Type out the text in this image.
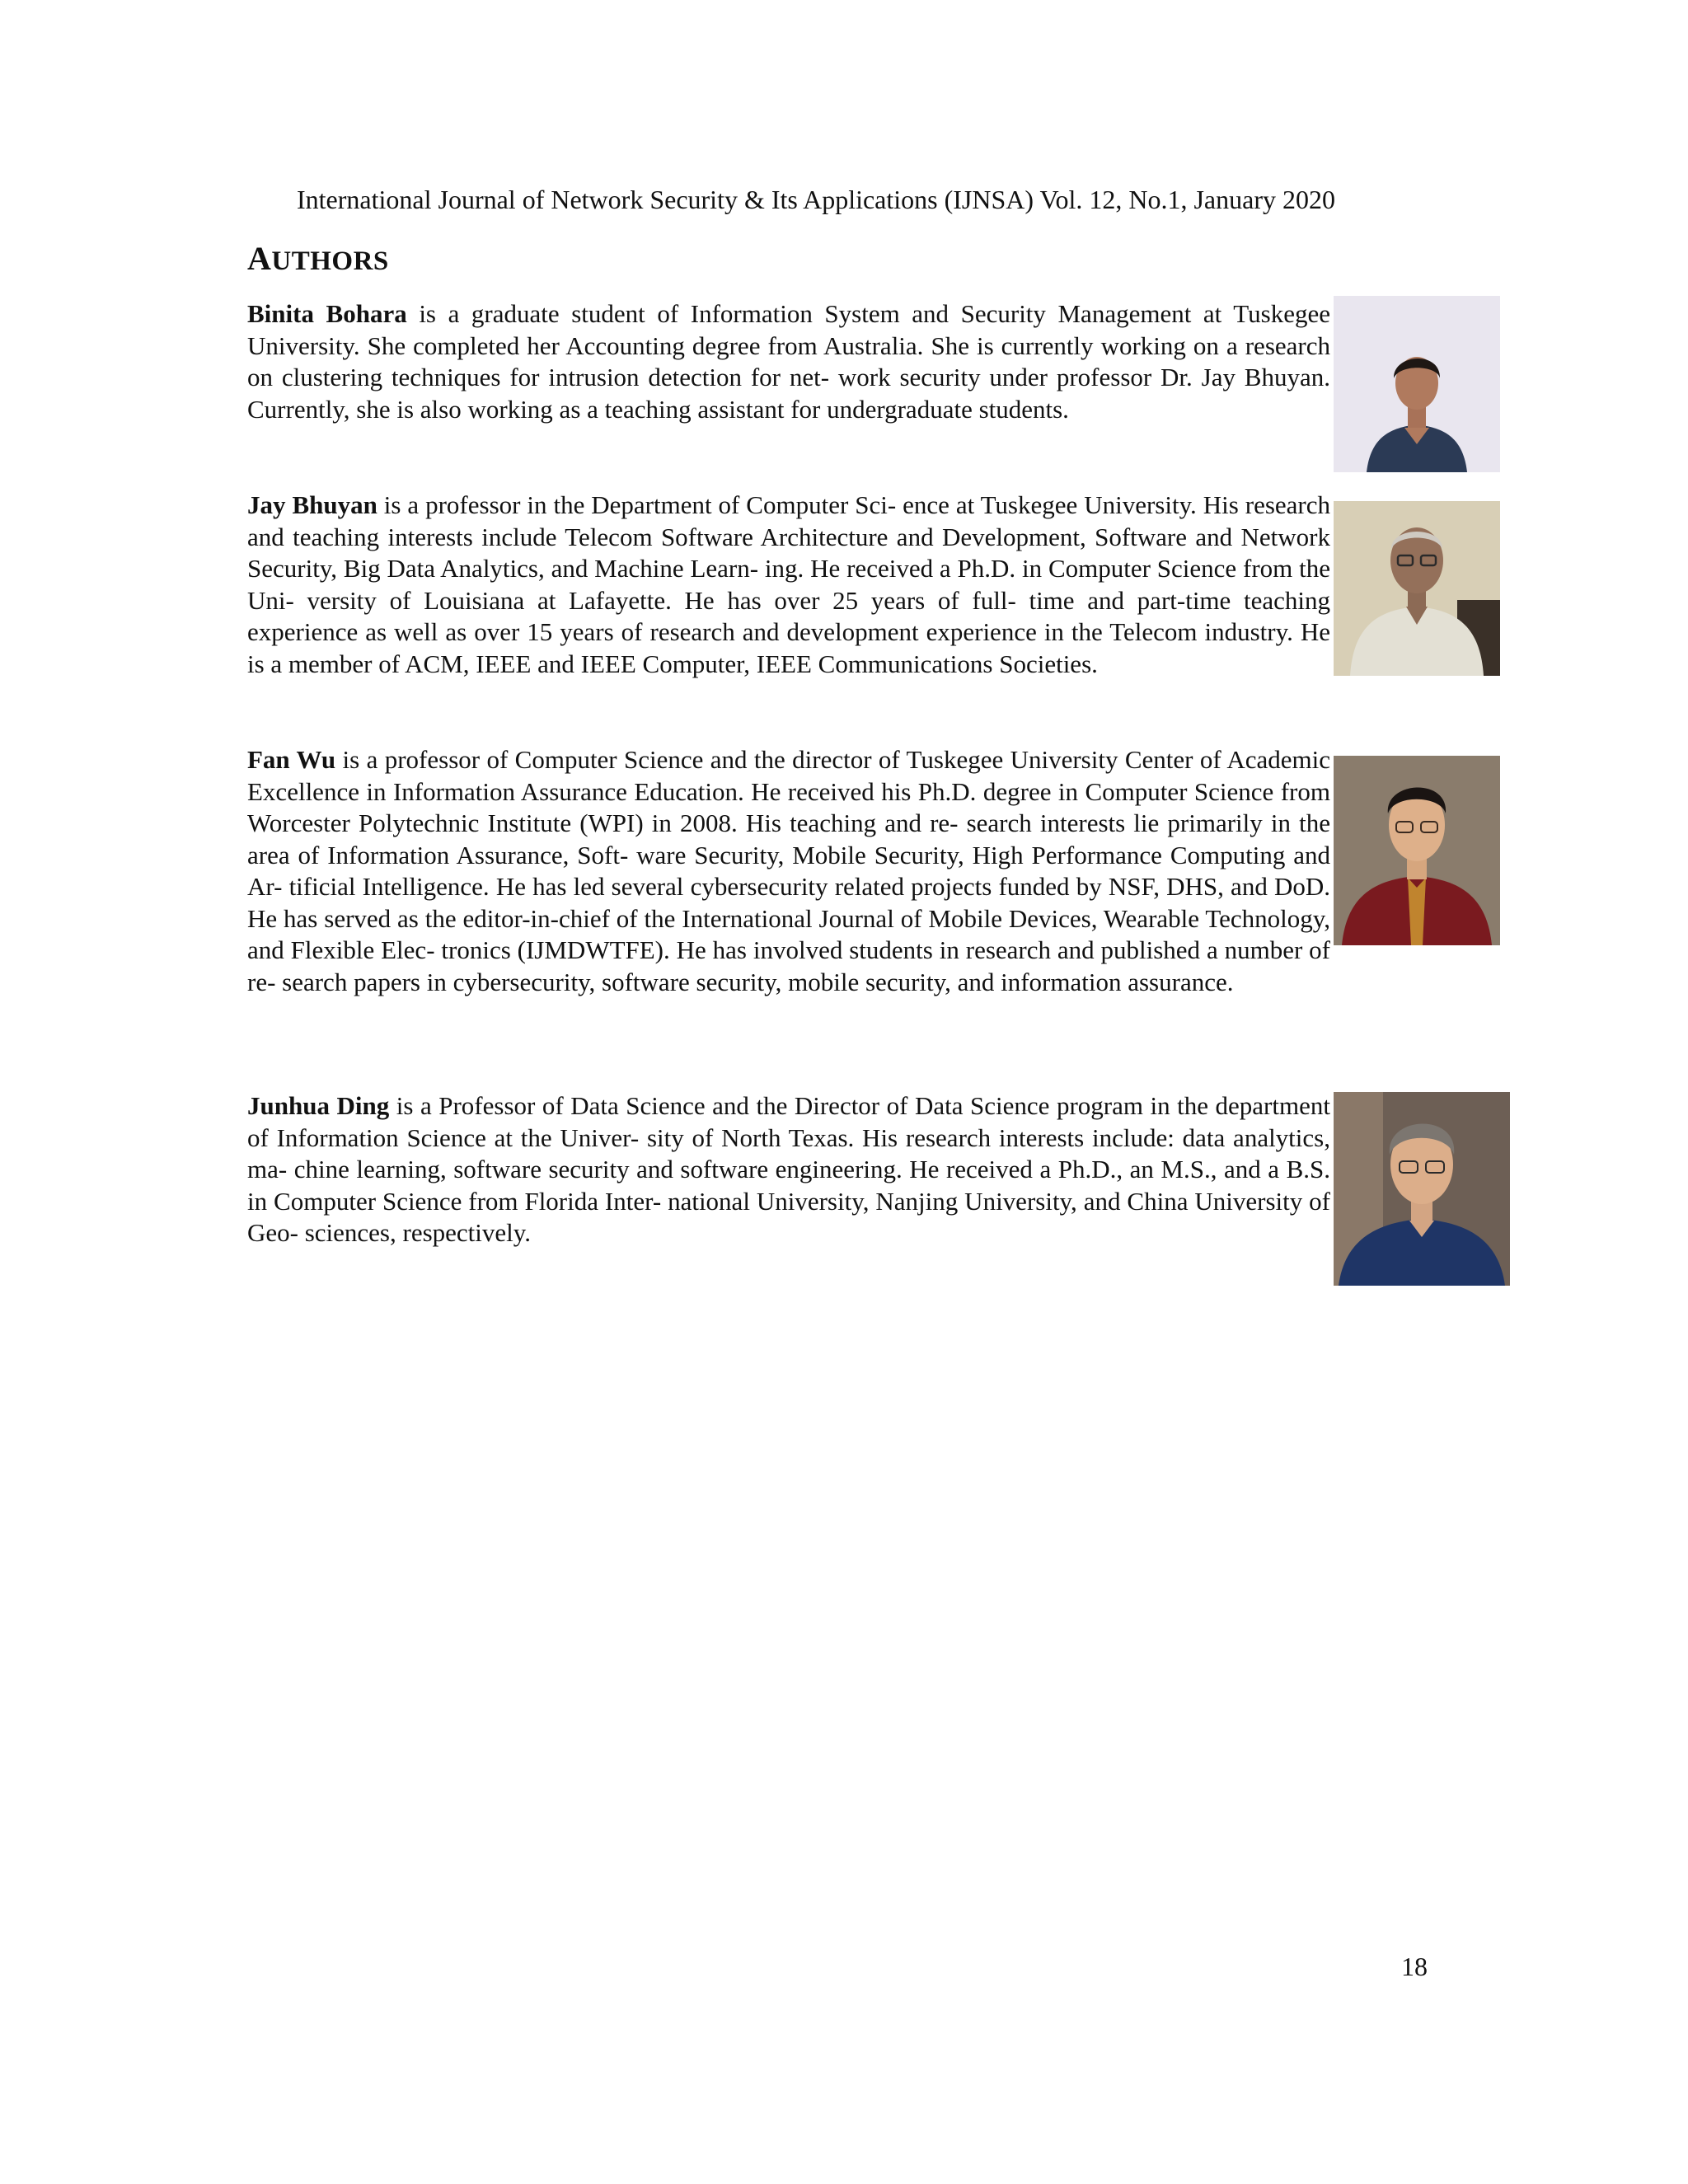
International Journal of Network Security & Its Applications (IJNSA) Vol. 12, No.1, January 2020
AUTHORS
Binita Bohara is a graduate student of Information System and Security Management at Tuskegee University. She completed her Accounting degree from Australia. She is currently working on a research on clustering techniques for intrusion detection for net- work security under professor Dr. Jay Bhuyan. Currently, she is also working as a teaching assistant for undergraduate students.
Jay Bhuyan is a professor in the Department of Computer Sci- ence at Tuskegee University. His research and teaching interests include Telecom Software Architecture and Development, Software and Network Security, Big Data Analytics, and Machine Learn- ing. He received a Ph.D. in Computer Science from the Uni- versity of Louisiana at Lafayette. He has over 25 years of full- time and part-time teaching experience as well as over 15 years of research and development experience in the Telecom industry. He is a member of ACM, IEEE and IEEE Computer, IEEE Communications Societies.
Fan Wu is a professor of Computer Science and the director of Tuskegee University Center of Academic Excellence in Information Assurance Education. He received his Ph.D. degree in Computer Science from Worcester Polytechnic Institute (WPI) in 2008. His teaching and re- search interests lie primarily in the area of Information Assurance, Soft- ware Security, Mobile Security, High Performance Computing and Ar- tificial Intelligence. He has led several cybersecurity related projects funded by NSF, DHS, and DoD. He has served as the editor-in-chief of the International Journal of Mobile Devices, Wearable Technology, and Flexible Elec- tronics (IJMDWTFE). He has involved students in research and published a number of re- search papers in cybersecurity, software security, mobile security, and information assurance.
Junhua Ding is a Professor of Data Science and the Director of Data Science program in the department of Information Science at the Univer- sity of North Texas. His research interests include: data analytics, ma- chine learning, software security and software engineering. He received a Ph.D., an M.S., and a B.S. in Computer Science from Florida Inter- national University, Nanjing University, and China University of Geo- sciences, respectively.
18
